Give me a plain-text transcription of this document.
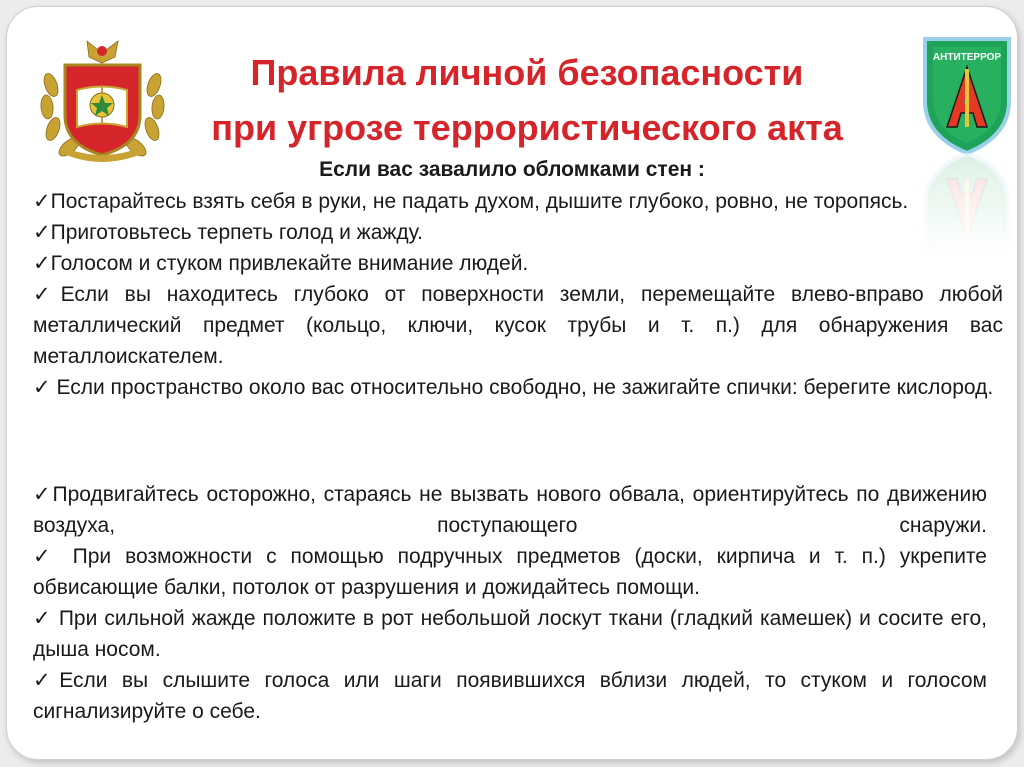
АНТИТЕРРОР
Правила личной безопасности
при угрозе террористического акта
Если вас завалило обломками стен :
✓Постарайтесь взять себя в руки, не падать духом, дышите глубоко, ровно, не торопясь.
✓Приготовьтесь терпеть голод и жажду.
✓Голосом и стуком привлекайте внимание людей.
✓Если вы находитесь глубоко от поверхности земли, перемещайте влево-вправо любой металлический предмет (кольцо, ключи, кусок трубы и т. п.) для обнаружения вас металлоискателем.
✓ Если пространство около вас относительно свободно, не зажигайте спички: берегите кислород.
✓Продвигайтесь осторожно, стараясь не вызвать нового обвала, ориентируйтесь по движению воздуха, поступающего снаружи.
✓ При возможности с помощью подручных предметов (доски, кирпича и т. п.) укрепите обвисающие балки, потолок от разрушения и дожидайтесь помощи.
✓ При сильной жажде положите в рот небольшой лоскут ткани (гладкий камешек) и сосите его, дыша носом.
✓Если вы слышите голоса или шаги появившихся вблизи людей, то стуком и голосом сигнализируйте о себе.
